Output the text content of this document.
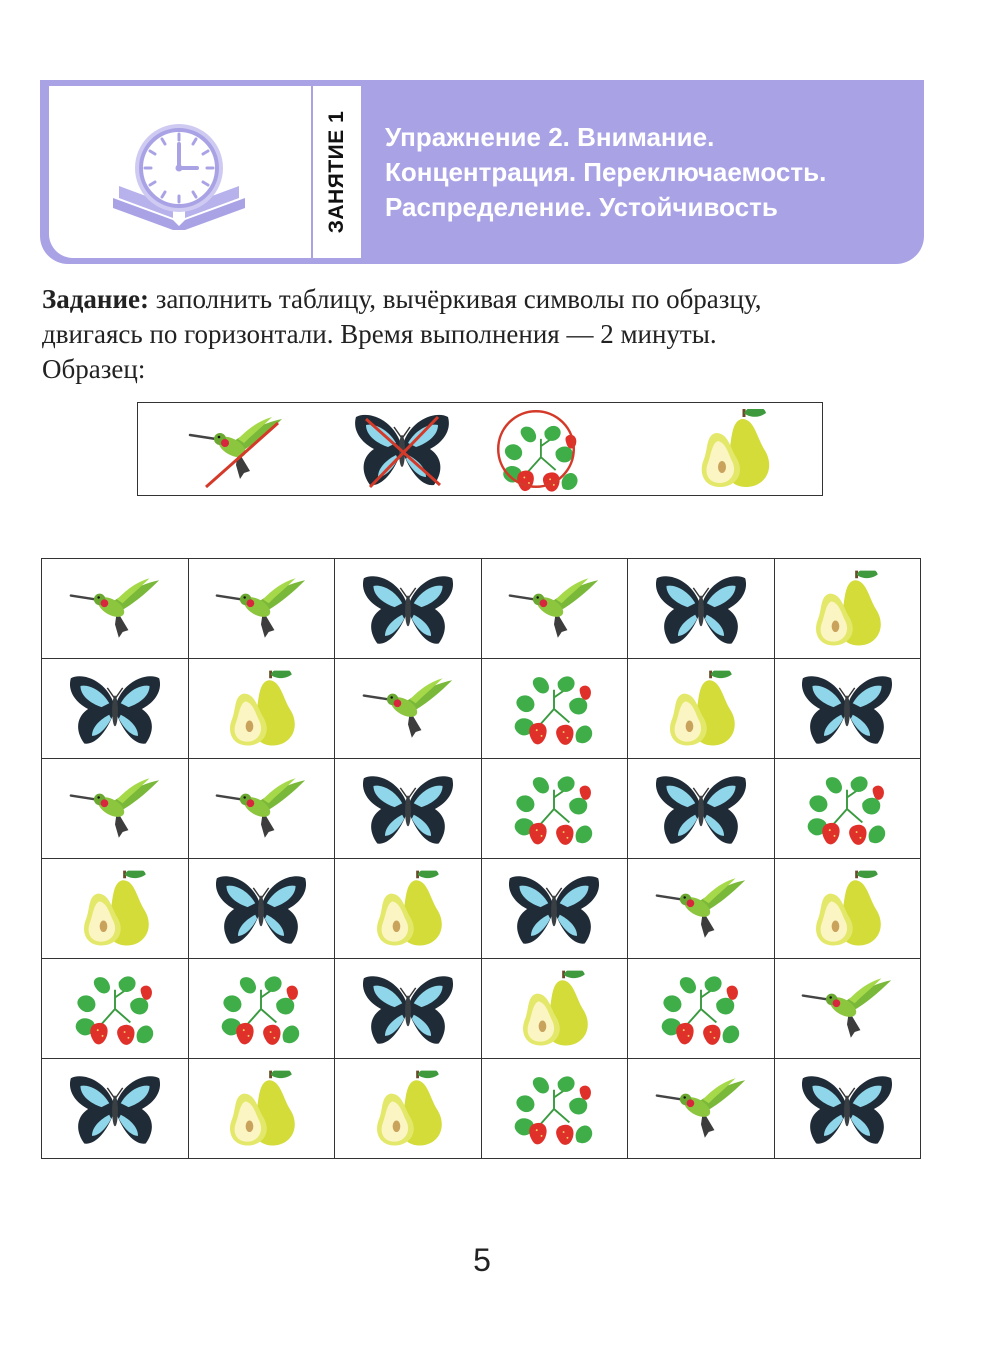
ЗАНЯТИЕ 1 Упражнение 2. Внимание.
Концентрация. Переключаемость.
Распределение. Устойчивость
Задание: заполнить таблицу, вычёркивая символы по образцу,
двигаясь по горизонтали. Время выполнения — 2 минуты.
Образец:

5
